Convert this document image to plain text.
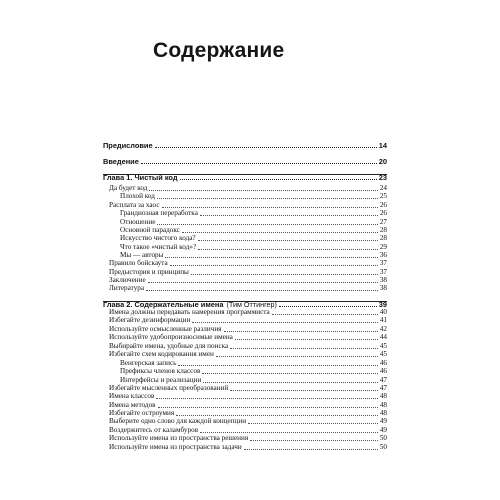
Содержание
Предисловие	14
Введение	20
Глава 1. Чистый код	23
Да будет код	24
Плохой код	25
Расплата за хаос	26
Грандиозная переработка	26
Отношение	27
Основной парадокс	28
Искусство чистого кода?	28
Что такое «чистый код»?	29
Мы — авторы	36
Правило бойскаута	37
Предыстория и принципы	37
Заключение	38
Литература	38
Глава 2. Содержательные имена (Тим Оттингер)	39
Имена должны передавать намерения программиста	40
Избегайте дезинформации	41
Используйте осмысленные различия	42
Используйте удобопроизносимые имена	44
Выбирайте имена, удобные для поиска	45
Избегайте схем кодирования имен	45
Венгерская запись	46
Префиксы членов классов	46
Интерфейсы и реализации	47
Избегайте мысленных преобразований	47
Имена классов	48
Имена методов	48
Избегайте остроумия	48
Выберите одно слово для каждой концепции	49
Воздержитесь от каламбуров	49
Используйте имена из пространства решения	50
Используйте имена из пространства задачи	50
